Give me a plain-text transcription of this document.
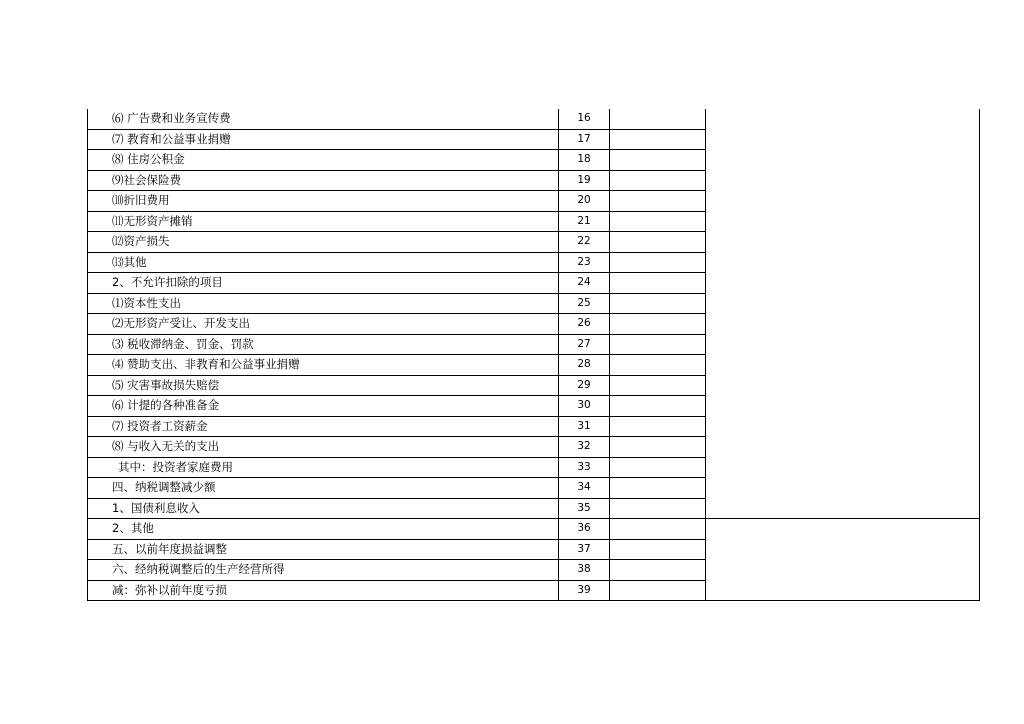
⑹ 广告费和业务宣传费	16		
⑺ 教育和公益事业捐赠	17		
⑻ 住房公积金	18		
⑼社会保险费	19		
⑽折旧费用	20		
⑾无形资产摊销	21		
⑿资产损失	22		
⒀其他	23		
2、不允许扣除的项目	24		
⑴资本性支出	25		
⑵无形资产受让、开发支出	26		
⑶ 税收滞纳金、罚金、罚款	27		
⑷ 赞助支出、非教育和公益事业捐赠	28		
⑸ 灾害事故损失赔偿	29		
⑹ 计提的各种准备金	30		
⑺ 投资者工资薪金	31		
⑻ 与收入无关的支出	32		
其中：投资者家庭费用	33		
四、纳税调整减少额	34		
1、国债利息收入	35		
2、其他	36		
五、以前年度损益调整	37		
六、经纳税调整后的生产经营所得	38		
减：弥补以前年度亏损	39		
